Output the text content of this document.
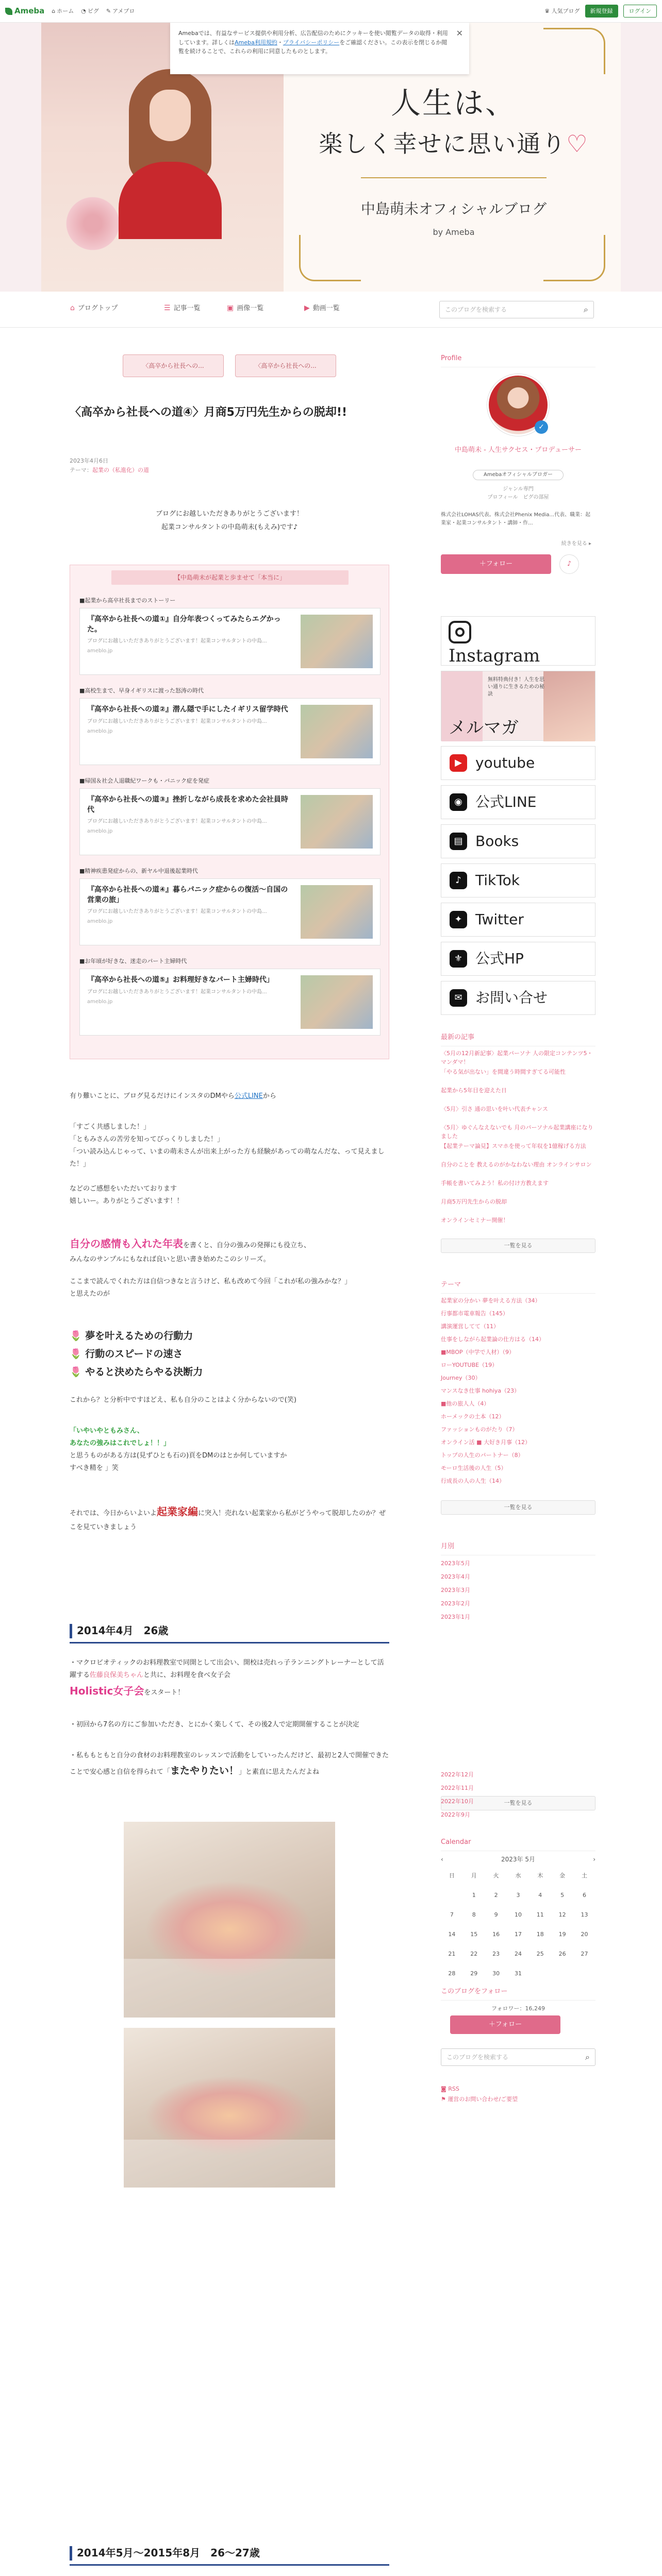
Ameba ⌂ ホーム ◔ ピグ ✎ アメブロ	♛ 人気ブログ	新規登録	ログイン
人生は、
楽しく幸せに思い通り♡
中島萌未オフィシャルブログ
by Ameba
Amebaでは、有益なサービス提供や利用分析、広告配信のためにクッキーを使い閲覧データの取得・利用しています。詳しくはAmeba利用規約・プライバシーポリシーをご確認ください。この表示を閉じるか閲覧を続けることで、これらの利用に同意したものとします。
✕
⌂ ブログトップ	☰ 記事一覧	▣ 画像一覧	▶ 動画一覧	このブログを検索する	⌕
〈高卒から社長への...	〈高卒から社長への...
〈高卒から社長への道④〉月商5万円先生からの脱却!!
2023年4月6日
テーマ：起業の（私進化）の道
ブログにお越しいただきありがとうございます！
起業コンサルタントの中島萌未(もえみ)です♪
【中島萌未が起業と歩ませて「本当に」
■起業から高卒社長までのストーリー
『高卒から社長への道①』自分年表つくってみたらエグかった。
ブログにお越しいただきありがとうございます！起業コンサルタントの中島...
ameblo.jp
■高校生まで、早身イギリスに渡った怒涛の時代
『高卒から社長への道②』潜ん隠で手にしたイギリス留学時代
ブログにお越しいただきありがとうございます！起業コンサルタントの中島...
ameblo.jp
■帰国＆社会人退職紀ワークも・パニック症を発症
『高卒から社長への道③』挫折しながら成長を求めた会社員時代
ブログにお越しいただきありがとうございます！起業コンサルタントの中島...
ameblo.jp
■精神疾患発症からの、新ヤル中退後起業時代
『高卒から社長への道④』暮らパニック症からの復活〜自国の営業の旅」
ブログにお越しいただきありがとうございます！起業コンサルタントの中島...
ameblo.jp
■お年頃が好きな、迷走のパート主婦時代
『高卒から社長への道⑤』お料理好きなパート主婦時代」
ブログにお越しいただきありがとうございます！起業コンサルタントの中島...
ameblo.jp
有り難いことに、ブログ見るだけにインスタのDMやら公式LINEから
「すごく共感しました！」
「ともみさんの苦労を知ってびっくりしました！」
「つい読み込んじゃって、いまの萌未さんが出来上がった方も経験があっての萌なんだな、って見えました！」
などのご感想をいただいております
嬉しいー。ありがとうございます！！
自分の感情も入れた年表を書くと、自分の強みの発揮にも役立ち、
みんなのサンプルにもなれば良いと思い書き始めたこのシリーズ。
ここまで読んでくれた方は自信つきなと言うけど、私も改めて今回「これが私の強みかな？」
と思えたのが
🌷 夢を叶えるための行動力
🌷 行動のスピードの速さ
🌷 やると決めたらやる決断力
これから？と分析中ですほどえ、私も自分のことはよく分からないので(笑)
「いやいやともみさん、
あなたの強みはこれでしょ！！」
と思うものがある方は(見ずひとも石の)頁をDMのはとか何していますか
すべき精を 」笑
それでは、今日からいよいよ起業家編に突入！売れない起業家から私がどうやって脱却したのか？ぜこを見ていきましょう
2014年4月　26歳
・マクロビオティックのお料理教室で同開として出会い、開校は売れっ子ランニングトレーナーとして活躍する佐藤良保美ちゃんと共に、お料理を食べ女子会
Holistic女子会をスタート！
・初回から7名の方にご参加いただき、とにかく楽しくて、その後2人で定期開催することが決定
・私ももともと自分の食材のお料理教室のレッスンで活動をしていったんだけど、最初と2人で開催できたことで安心感と自信を得られて「またやりたい！」と素直に思えたんだよね
2014年5月〜2015年8月　26〜27歳
Profile
✓
中島萌未 - 人生サクセス・プロデューサー
Amebaオフィシャルブロガー
ジャンル専門
プロフィール　ピグの部屋
株式会社LOHAS代表。株式会社Phenix Media...代表、職業：起業家・起業コンサルタント・講師・作...
続きを見る ▸
＋フォロー	♪
Instagram
無料特典付き！人生を思い通りに生きるための秘訣
メルマガ
▶ youtube
◉ 公式LINE
▤ Books
♪ TikTok
✦ Twitter
⚜ 公式HP
✉ お問い合せ
最新の記事
一覧を見る
テーマ
一覧を見る
月別
一覧を見る
Calendar
‹	2023年 5月	›
日	月	火	水	木	金	土
	1	2	3	4	5	6
7	8	9	10	11	12	13
14	15	16	17	18	19	20
21	22	23	24	25	26	27
28	29	30	31			
このブログをフォロー
フォロワー：16,249
＋フォロー
このブログを検索する	⌕
◙ RSS
⚑ 運営のお問い合わせ/ご要望
〈5月の12月新記事〉起業パーソナ 人の限定コンテンツ5・マンダマ！
「やる気が出ない」を間違う時間すぎてる可能性
起業から5年目を迎えた日
〈5月〉引さ 通の思いを叶い代表チャンス
〈5月〉ゆぐんなえないでも 月のパーソナル起業講座になりました
【起業テーマ論見】スマホを使って年収を1億稼げる方法
自分のことを 教えるのがかなわない理由 オンラインサロン
手帳を書いてみよう！私の付け方教えます
月商5万円先生からの脱却
オンラインセミナー開催！
起業家の分かい 夢を叶える方法（34）
行事都市電車報告（145）
講演運営してて（11）
仕事をしながら起業論の仕方はる（14）
■MBOP（中学で人材）（9）
ローYOUTUBE（19）
Journey（30）
マンスなき仕事 hohiya（23）
■他の旅人人（4）
ホーメックの土本（12）
ファッションものがたり（7）
オンライン活 ■ 大好き月事（12）
トップの人生のパートナー（8）
モーロ生活後の人生（5）
行成長の人の人生（14）
2023年5月
2023年4月
2023年3月
2023年2月
2023年1月
2022年12月
2022年11月
2022年10月
2022年9月
